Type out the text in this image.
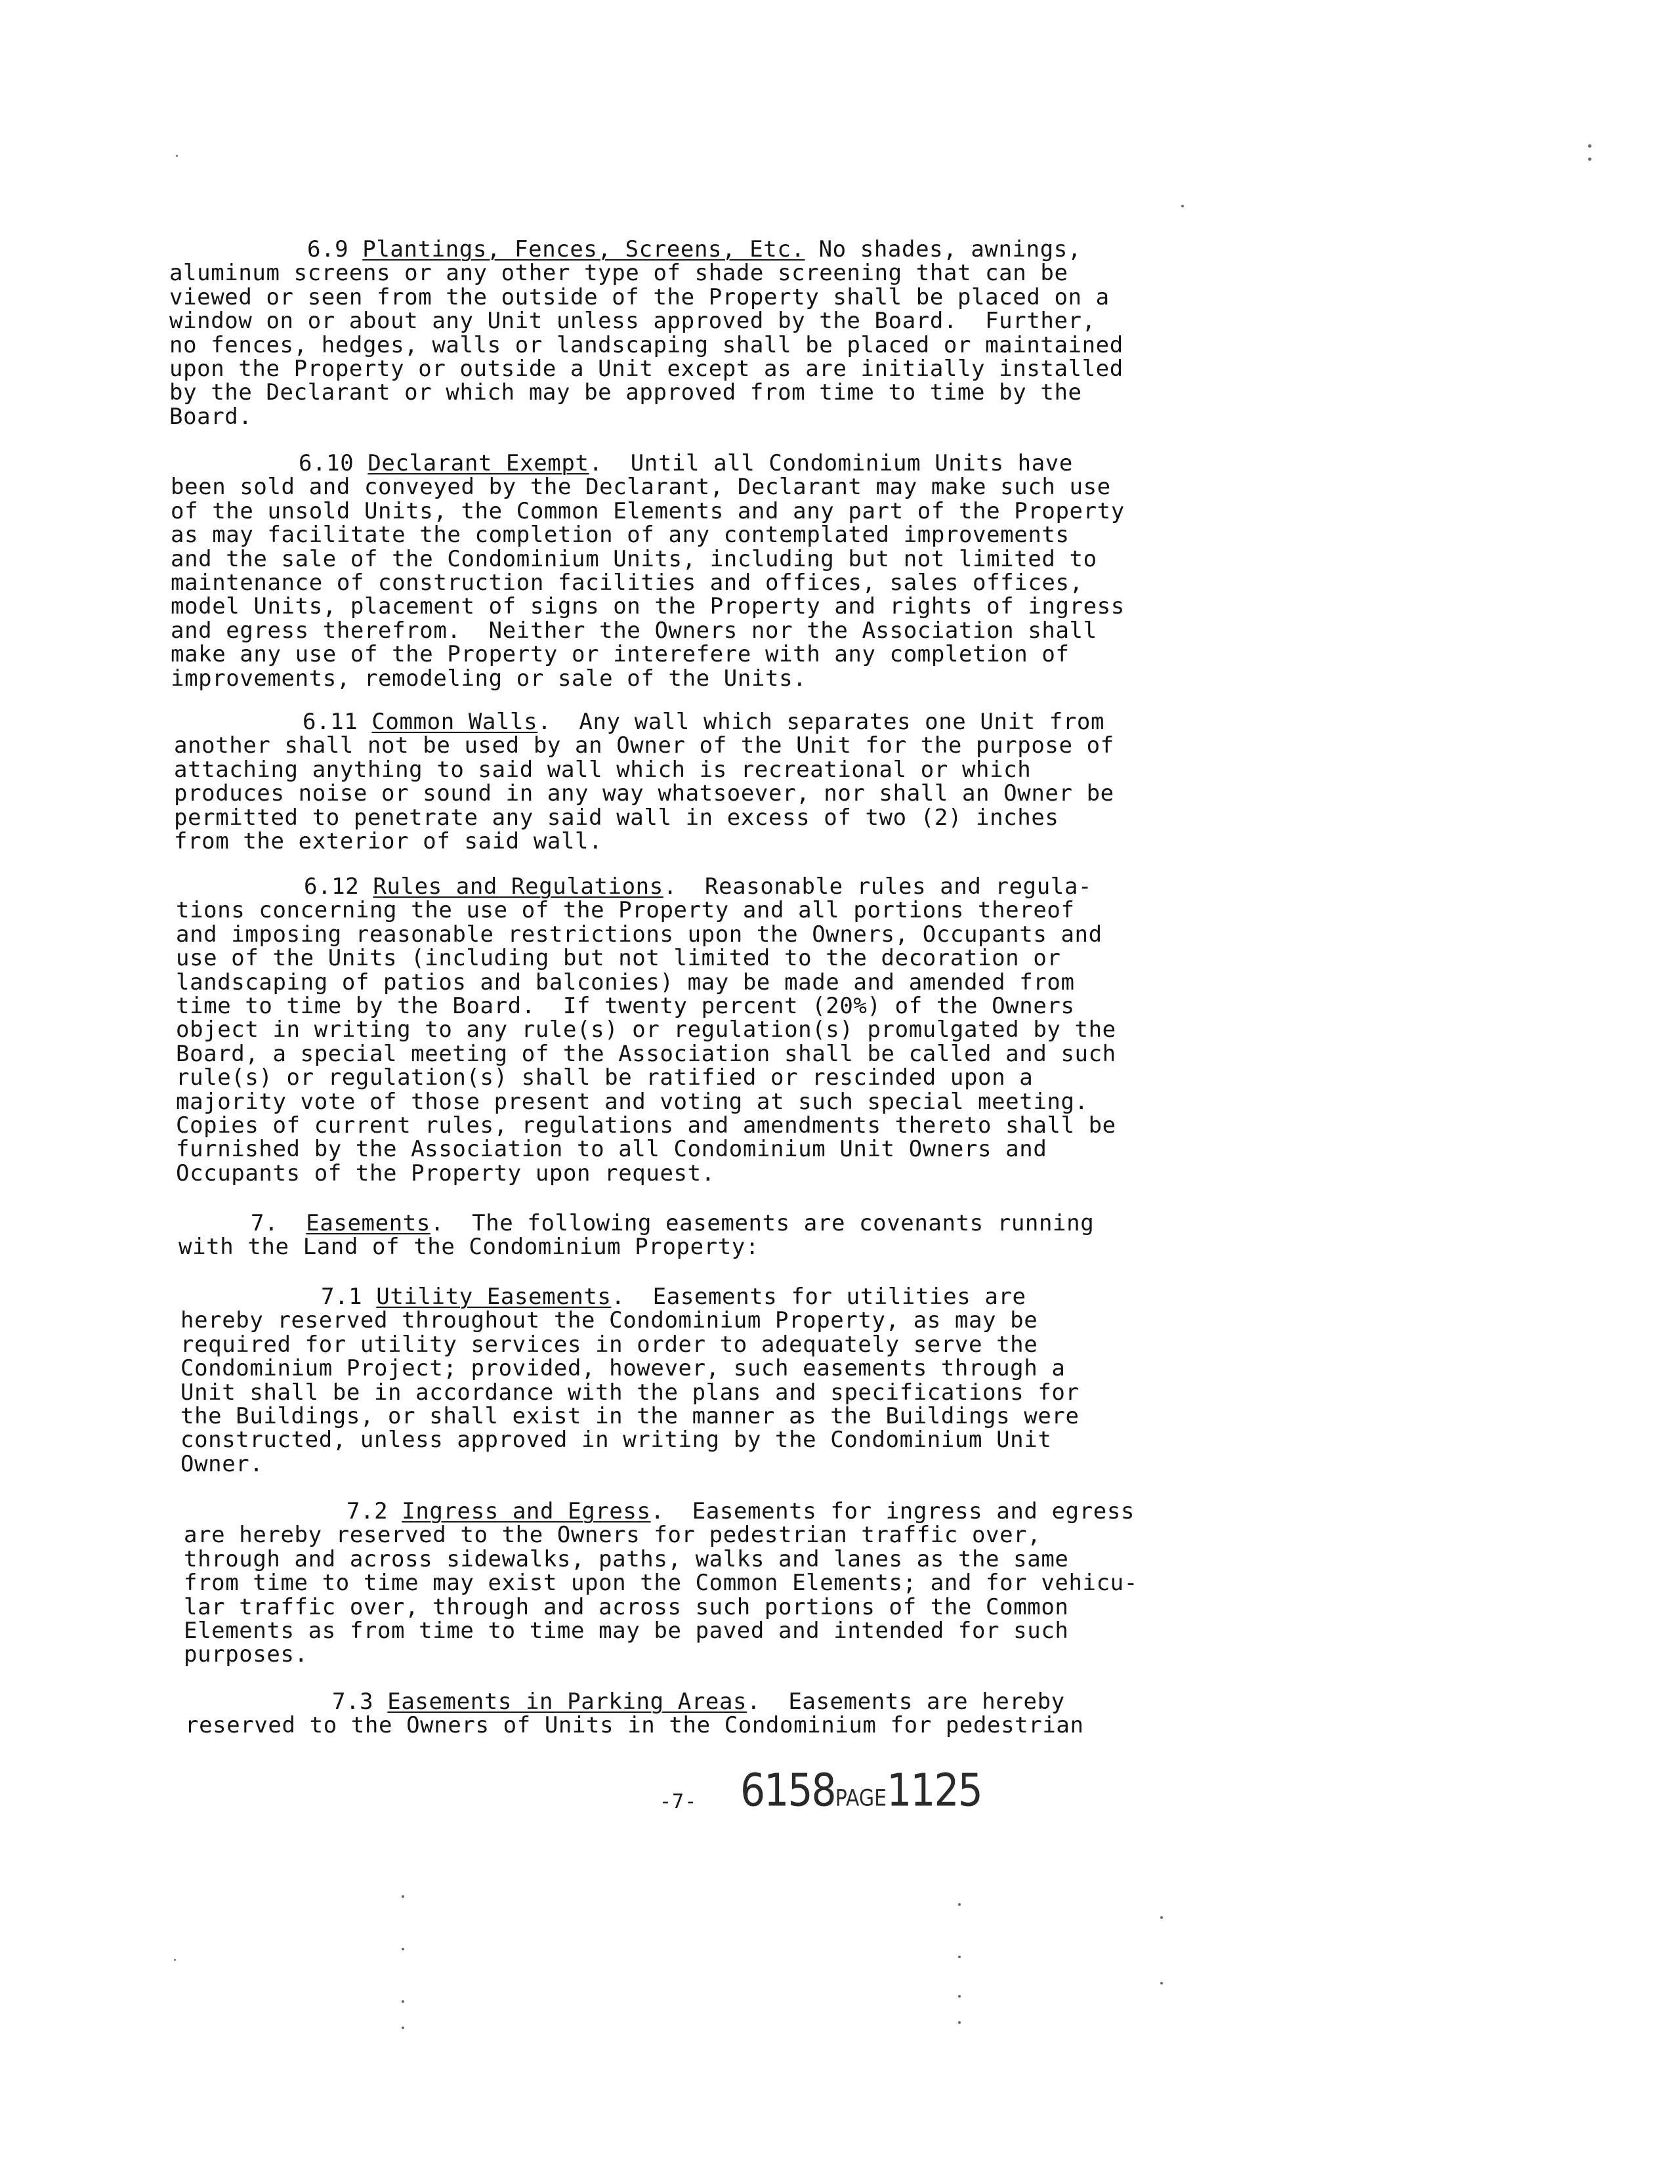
6.9 Plantings, Fences, Screens, Etc. No shades, awnings,
aluminum screens or any other type of shade screening that can be
viewed or seen from the outside of the Property shall be placed on a
window on or about any Unit unless approved by the Board.  Further,
no fences, hedges, walls or landscaping shall be placed or maintained
upon the Property or outside a Unit except as are initially installed
by the Declarant or which may be approved from time to time by the
Board.
6.10 Declarant Exempt.  Until all Condominium Units have
been sold and conveyed by the Declarant, Declarant may make such use
of the unsold Units, the Common Elements and any part of the Property
as may facilitate the completion of any contemplated improvements
and the sale of the Condominium Units, including but not limited to
maintenance of construction facilities and offices, sales offices,
model Units, placement of signs on the Property and rights of ingress
and egress therefrom.  Neither the Owners nor the Association shall
make any use of the Property or interefere with any completion of
improvements, remodeling or sale of the Units.
6.11 Common Walls.  Any wall which separates one Unit from
another shall not be used by an Owner of the Unit for the purpose of
attaching anything to said wall which is recreational or which
produces noise or sound in any way whatsoever, nor shall an Owner be
permitted to penetrate any said wall in excess of two (2) inches
from the exterior of said wall.
6.12 Rules and Regulations.  Reasonable rules and regula-
tions concerning the use of the Property and all portions thereof
and imposing reasonable restrictions upon the Owners, Occupants and
use of the Units (including but not limited to the decoration or
landscaping of patios and balconies) may be made and amended from
time to time by the Board.  If twenty percent (20%) of the Owners
object in writing to any rule(s) or regulation(s) promulgated by the
Board, a special meeting of the Association shall be called and such
rule(s) or regulation(s) shall be ratified or rescinded upon a
majority vote of those present and voting at such special meeting.
Copies of current rules, regulations and amendments thereto shall be
furnished by the Association to all Condominium Unit Owners and
Occupants of the Property upon request.
7.  Easements.  The following easements are covenants running
with the Land of the Condominium Property:
7.1 Utility Easements.  Easements for utilities are
hereby reserved throughout the Condominium Property, as may be
required for utility services in order to adequately serve the
Condominium Project; provided, however, such easements through a
Unit shall be in accordance with the plans and specifications for
the Buildings, or shall exist in the manner as the Buildings were
constructed, unless approved in writing by the Condominium Unit
Owner.
7.2 Ingress and Egress.  Easements for ingress and egress
are hereby reserved to the Owners for pedestrian traffic over,
through and across sidewalks, paths, walks and lanes as the same
from time to time may exist upon the Common Elements; and for vehicu-
lar traffic over, through and across such portions of the Common
Elements as from time to time may be paved and intended for such
purposes.
7.3 Easements in Parking Areas.  Easements are hereby
reserved to the Owners of Units in the Condominium for pedestrian
-7- 6158PAGE1125
